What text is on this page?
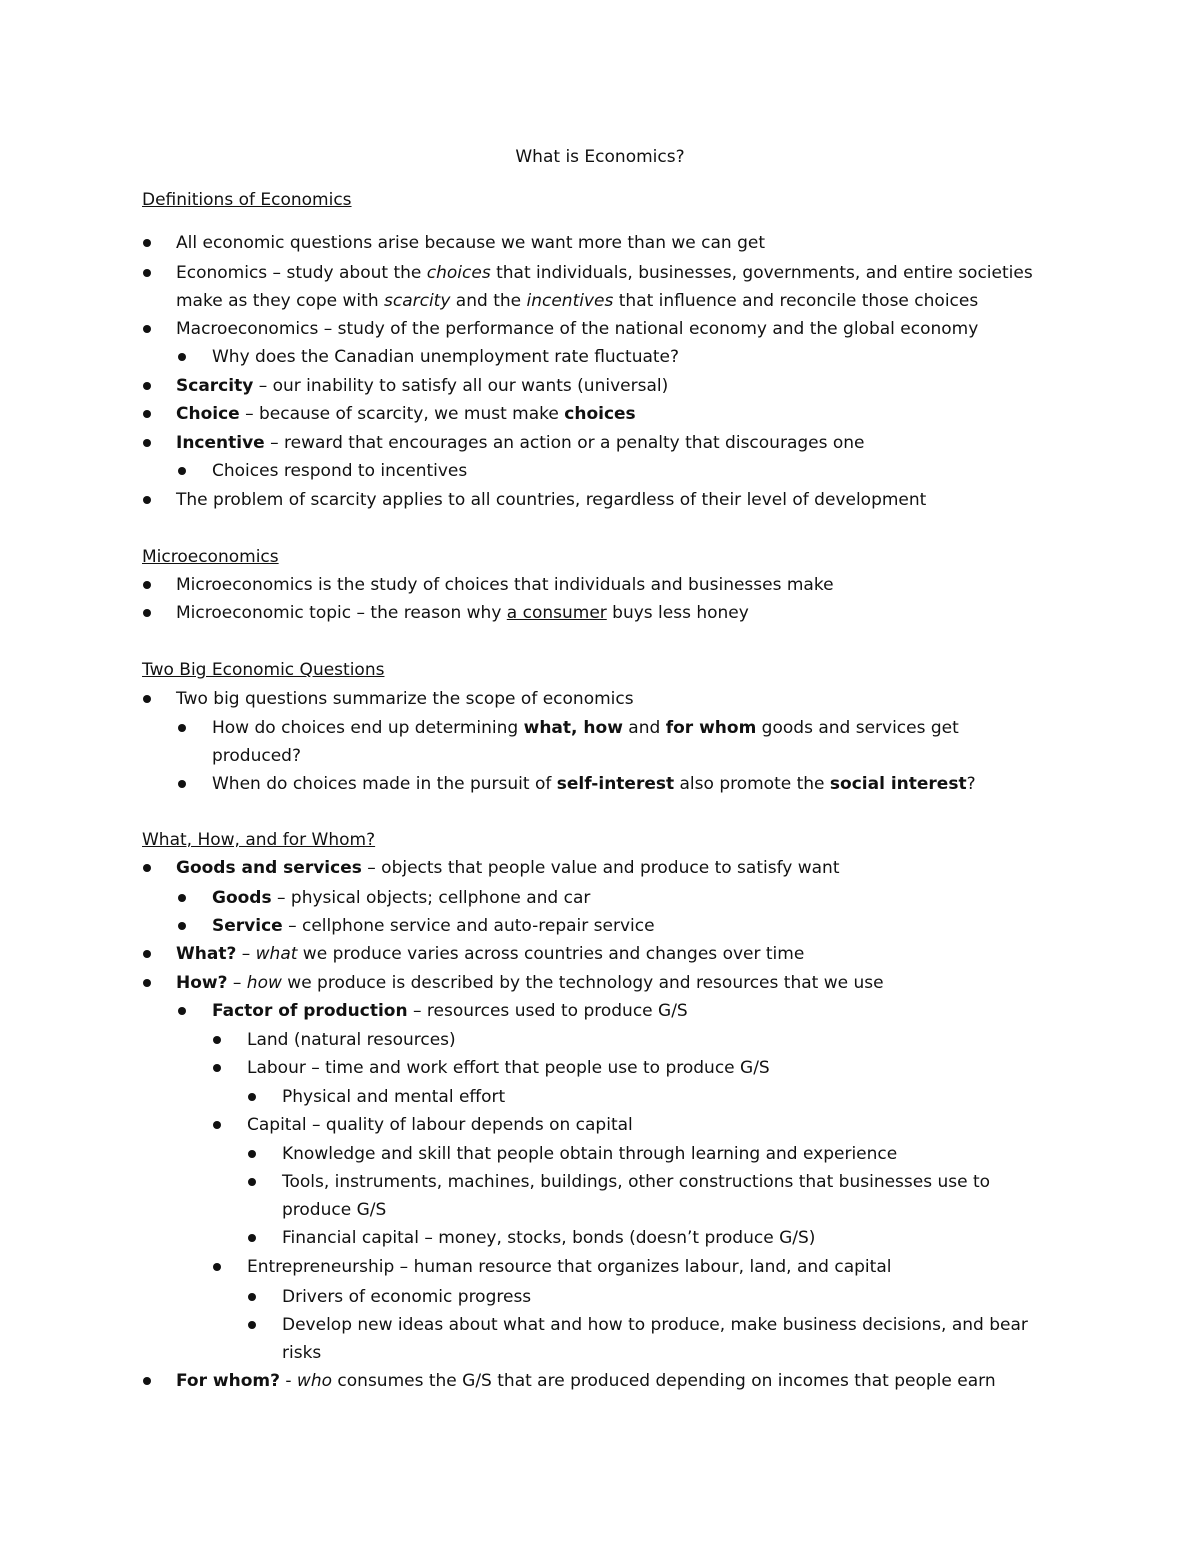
What is Economics?
Definitions of Economics
All economic questions arise because we want more than we can get
Economics – study about the choices that individuals, businesses, governments, and entire societies
make as they cope with scarcity and the incentives that influence and reconcile those choices
Macroeconomics – study of the performance of the national economy and the global economy
Why does the Canadian unemployment rate fluctuate?
Scarcity – our inability to satisfy all our wants (universal)
Choice – because of scarcity, we must make choices
Incentive – reward that encourages an action or a penalty that discourages one
Choices respond to incentives
The problem of scarcity applies to all countries, regardless of their level of development
Microeconomics
Microeconomics is the study of choices that individuals and businesses make
Microeconomic topic – the reason why a consumer buys less honey
Two Big Economic Questions
Two big questions summarize the scope of economics
How do choices end up determining what, how and for whom goods and services get
produced?
When do choices made in the pursuit of self-interest also promote the social interest?
What, How, and for Whom?
Goods and services – objects that people value and produce to satisfy want
Goods – physical objects; cellphone and car
Service – cellphone service and auto-repair service
What? – what we produce varies across countries and changes over time
How? – how we produce is described by the technology and resources that we use
Factor of production – resources used to produce G/S
Land (natural resources)
Labour – time and work effort that people use to produce G/S
Physical and mental effort
Capital – quality of labour depends on capital
Knowledge and skill that people obtain through learning and experience
Tools, instruments, machines, buildings, other constructions that businesses use to
produce G/S
Financial capital – money, stocks, bonds (doesn’t produce G/S)
Entrepreneurship – human resource that organizes labour, land, and capital
Drivers of economic progress
Develop new ideas about what and how to produce, make business decisions, and bear
risks
For whom? - who consumes the G/S that are produced depending on incomes that people earn
